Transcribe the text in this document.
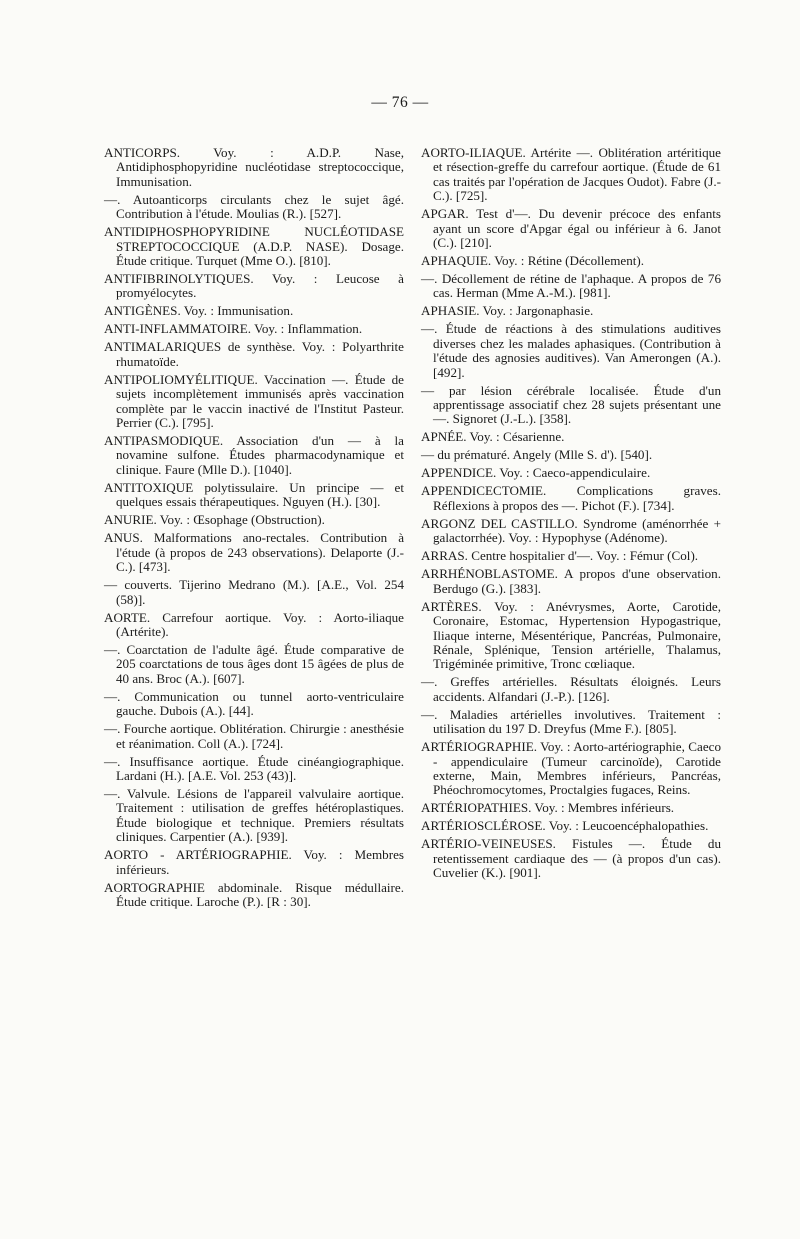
— 76 —

ANTICORPS. Voy. : A.D.P. Nase, Antidiphosphopyridine nucléotidase streptococcique, Immunisation.

—. Autoanticorps circulants chez le sujet âgé. Contribution à l'étude. Moulias (R.). [527].

ANTIDIPHOSPHOPYRIDINE NUCLÉOTIDASE STREPTOCOCCIQUE (A.D.P. NASE). Dosage. Étude critique. Turquet (Mme O.). [810].

ANTIFIBRINOLYTIQUES. Voy. : Leucose à promyélocytes.

ANTIGÈNES. Voy. : Immunisation.

ANTI-INFLAMMATOIRE. Voy. : Inflammation.

ANTIMALARIQUES de synthèse. Voy. : Polyarthrite rhumatoïde.

ANTIPOLIOMYÉLITIQUE. Vaccination —. Étude de sujets incomplètement immunisés après vaccination complète par le vaccin inactivé de l'Institut Pasteur. Perrier (C.). [795].

ANTIPASMODIQUE. Association d'un — à la novamine sulfone. Études pharmacodynamique et clinique. Faure (Mlle D.). [1040].

ANTITOXIQUE polytissulaire. Un principe — et quelques essais thérapeutiques. Nguyen (H.). [30].

ANURIE. Voy. : Œsophage (Obstruction).

ANUS. Malformations ano-rectales. Contribution à l'étude (à propos de 243 observations). Delaporte (J.-C.). [473].

— couverts. Tijerino Medrano (M.). [A.E., Vol. 254 (58)].

AORTE. Carrefour aortique. Voy. : Aorto-iliaque (Artérite).

—. Coarctation de l'adulte âgé. Étude comparative de 205 coarctations de tous âges dont 15 âgées de plus de 40 ans. Broc (A.). [607].

—. Communication ou tunnel aorto-ventriculaire gauche. Dubois (A.). [44].

—. Fourche aortique. Oblitération. Chirurgie : anesthésie et réanimation. Coll (A.). [724].

—. Insuffisance aortique. Étude cinéangiographique. Lardani (H.). [A.E. Vol. 253 (43)].

—. Valvule. Lésions de l'appareil valvulaire aortique. Traitement : utilisation de greffes hétéroplastiques. Étude biologique et technique. Premiers résultats cliniques. Carpentier (A.). [939].

AORTO - ARTÉRIOGRAPHIE. Voy. : Membres inférieurs.

AORTOGRAPHIE abdominale. Risque médullaire. Étude critique. Laroche (P.). [R : 30].

AORTO-ILIAQUE. Artérite —. Oblitération artéritique et résection-greffe du carrefour aortique. (Étude de 61 cas traités par l'opération de Jacques Oudot). Fabre (J.-C.). [725].

APGAR. Test d'—. Du devenir précoce des enfants ayant un score d'Apgar égal ou inférieur à 6. Janot (C.). [210].

APHAQUIE. Voy. : Rétine (Décollement).

—. Décollement de rétine de l'aphaque. A propos de 76 cas. Herman (Mme A.-M.). [981].

APHASIE. Voy. : Jargonaphasie.

—. Étude de réactions à des stimulations auditives diverses chez les malades aphasiques. (Contribution à l'étude des agnosies auditives). Van Amerongen (A.). [492].

— par lésion cérébrale localisée. Étude d'un apprentissage associatif chez 28 sujets présentant une —. Signoret (J.-L.). [358].

APNÉE. Voy. : Césarienne.

— du prématuré. Angely (Mlle S. d'). [540].

APPENDICE. Voy. : Caeco-appendiculaire.

APPENDICECTOMIE. Complications graves. Réflexions à propos des —. Pichot (F.). [734].

ARGONZ DEL CASTILLO. Syndrome (aménorrhée + galactorrhée). Voy. : Hypophyse (Adénome).

ARRAS. Centre hospitalier d'—. Voy. : Fémur (Col).

ARRHÉNOBLASTOME. A propos d'une observation. Berdugo (G.). [383].

ARTÈRES. Voy. : Anévrysmes, Aorte, Carotide, Coronaire, Estomac, Hypertension Hypogastrique, Iliaque interne, Mésentérique, Pancréas, Pulmonaire, Rénale, Splénique, Tension artérielle, Thalamus, Trigéminée primitive, Tronc cœliaque.

—. Greffes artérielles. Résultats éloignés. Leurs accidents. Alfandari (J.-P.). [126].

—. Maladies artérielles involutives. Traitement : utilisation du 197 D. Dreyfus (Mme F.). [805].

ARTÉRIOGRAPHIE. Voy. : Aorto-artériographie, Caeco - appendiculaire (Tumeur carcinoïde), Carotide externe, Main, Membres inférieurs, Pancréas, Phéochromocytomes, Proctalgies fugaces, Reins.

ARTÉRIOPATHIES. Voy. : Membres inférieurs.

ARTÉRIOSCLÉROSE. Voy. : Leucoencéphalopathies.

ARTÉRIO-VEINEUSES. Fistules —. Étude du retentissement cardiaque des — (à propos d'un cas). Cuvelier (K.). [901].
